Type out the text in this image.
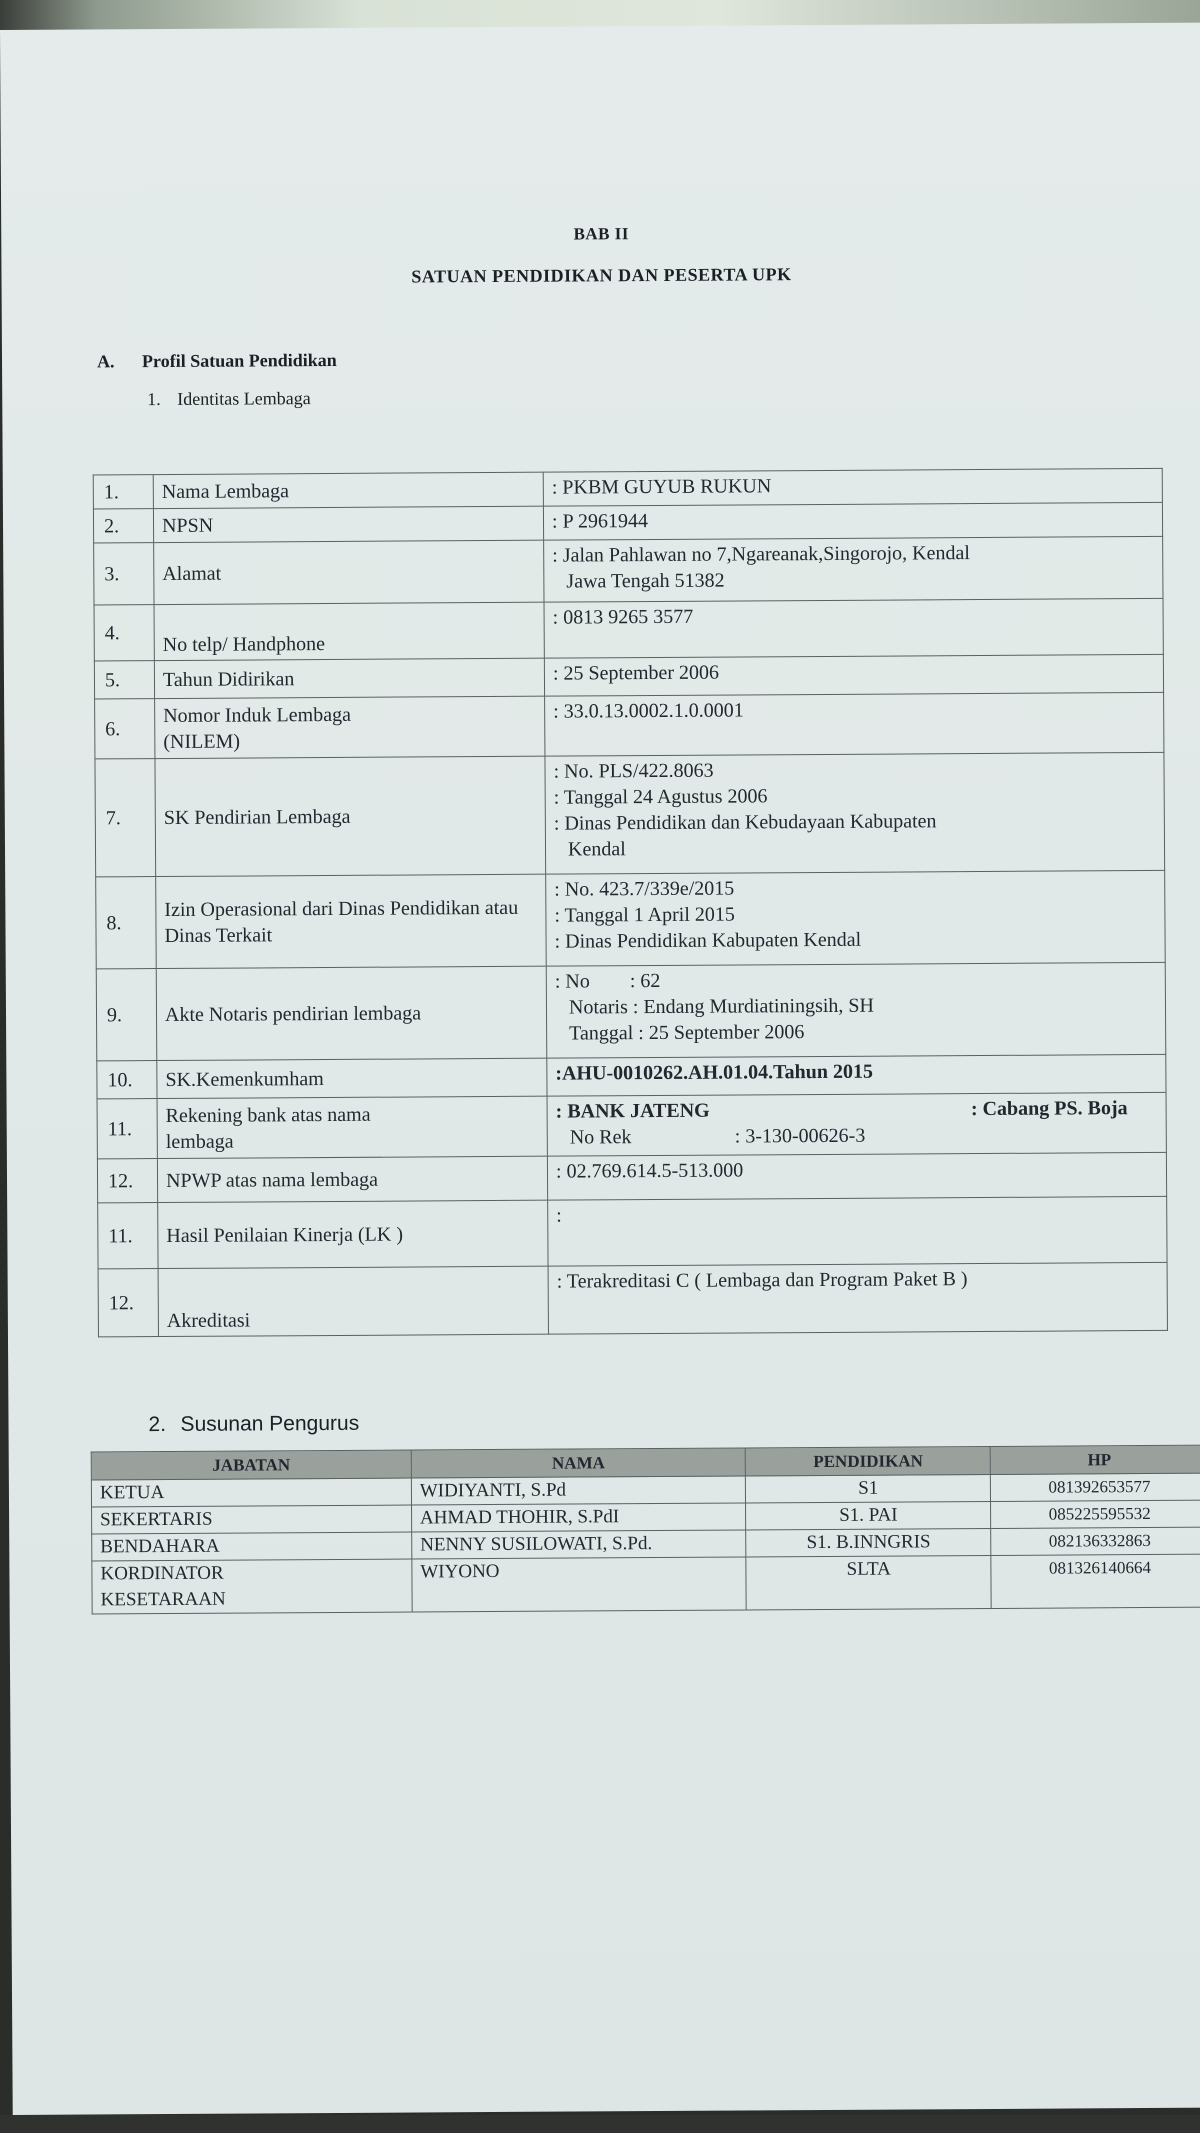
BAB II
SATUAN PENDIDIKAN DAN PESERTA UPK
A. Profil Satuan Pendidikan
1. Identitas Lembaga
1.	Nama Lembaga	: PKBM GUYUB RUKUN

2.	NPSN	: P 2961944

3.	Alamat	: Jalan Pahlawan no 7,Ngareanak,Singorojo, Kendal
Jawa Tengah 51382

4.	No telp/ Handphone	: 0813 9265 3577

5.	Tahun Didirikan	: 25 September 2006

6.	Nomor Induk Lembaga (NILEM)	: 33.0.13.0002.1.0.0001

7.	SK Pendirian Lembaga	: No. PLS/422.8063
: Tanggal 24 Agustus 2006
: Dinas Pendidikan dan Kebudayaan Kabupaten
Kendal

8.	Izin Operasional dari Dinas Pendidikan atau Dinas Terkait	: No. 423.7/339e/2015
: Tanggal 1 April 2015
: Dinas Pendidikan Kabupaten Kendal

9.	Akte Notaris pendirian lembaga	: No        : 62
Notaris : Endang Murdiatiningsih, SH
Tanggal : 25 September 2006

10.	SK.Kemenkumham	:AHU-0010262.AH.01.04.Tahun 2015

11.	Rekening bank atas nama lembaga	: BANK JATENG : Cabang PS. Boja
No Rek : 3-130-00626-3

12.	NPWP atas nama lembaga	: 02.769.614.5-513.000

11.	Hasil Penilaian Kinerja (LK )	:

12.	Akreditasi	: Terakreditasi C ( Lembaga dan Program Paket B )
2. Susunan Pengurus
JABATAN	NAMA	PENDIDIKAN	HP
KETUA	WIDIYANTI, S.Pd	S1	081392653577
SEKERTARIS	AHMAD THOHIR, S.PdI	S1. PAI	085225595532
BENDAHARA	NENNY SUSILOWATI, S.Pd.	S1. B.INNGRIS	082136332863
KORDINATOR KESETARAAN	WIYONO	SLTA	081326140664
